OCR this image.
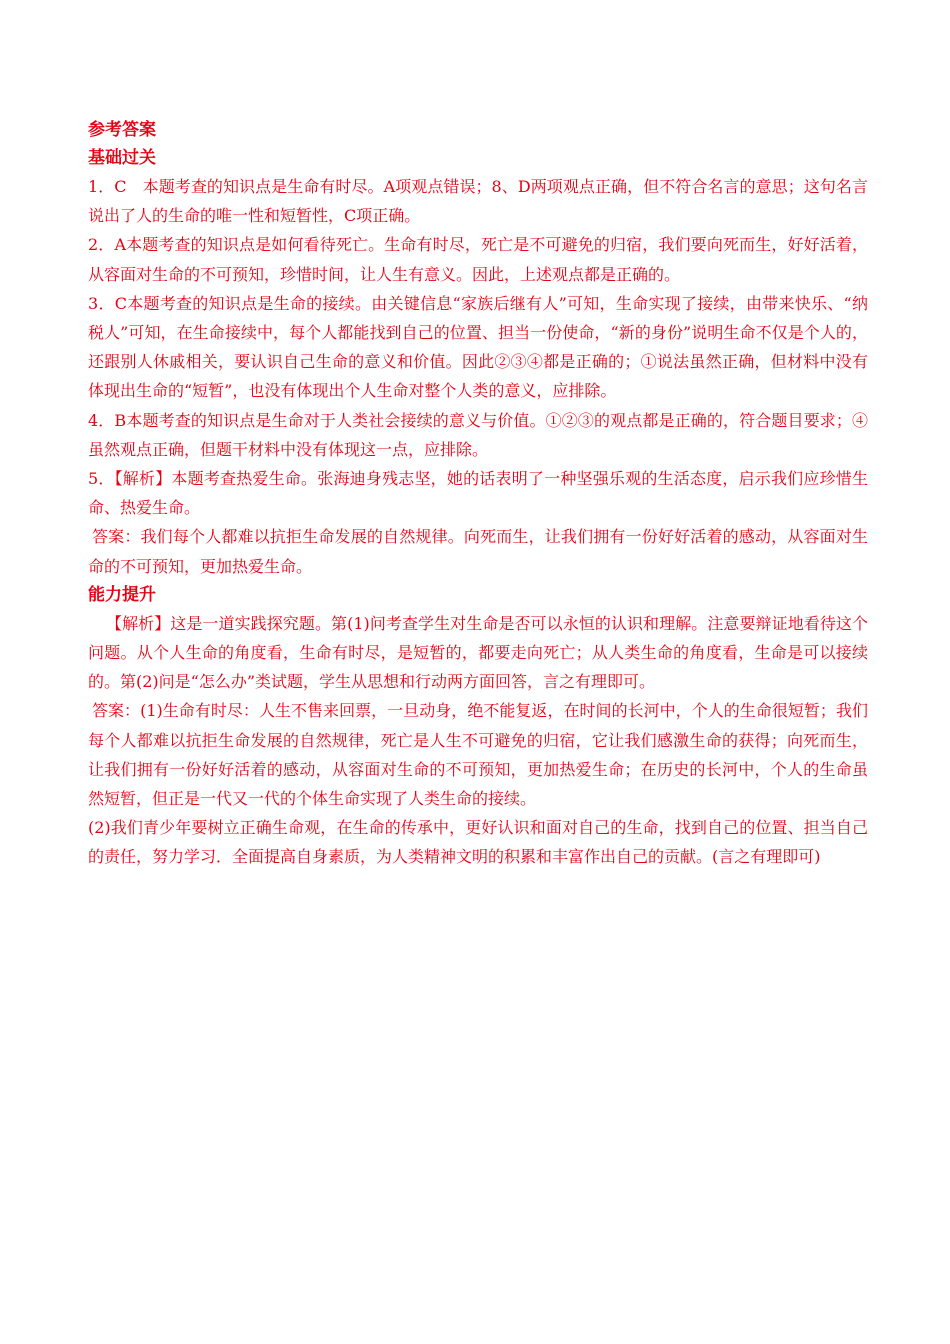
参考答案

基础过关

1．C　本题考查的知识点是生命有时尽。A项观点错误；8、D两项观点正确，但不符合名言的意思；这句名言说出了人的生命的唯一性和短暂性，C项正确。

2．A本题考查的知识点是如何看待死亡。生命有时尽，死亡是不可避免的归宿，我们要向死而生，好好活着，从容面对生命的不可预知，珍惜时间，让人生有意义。因此，上述观点都是正确的。

3．C本题考查的知识点是生命的接续。由关键信息“家族后继有人”可知，生命实现了接续，由带来快乐、“纳税人”可知，在生命接续中，每个人都能找到自己的位置、担当一份使命，“新的身份”说明生命不仅是个人的，还跟别人休戚相关，要认识自己生命的意义和价值。因此②③④都是正确的；①说法虽然正确，但材料中没有体现出生命的“短暂”，也没有体现出个人生命对整个人类的意义，应排除。

4．B本题考查的知识点是生命对于人类社会接续的意义与价值。①②③的观点都是正确的，符合题目要求；④虽然观点正确，但题干材料中没有体现这一点，应排除。

5．【解析】本题考查热爱生命。张海迪身残志坚，她的话表明了一种坚强乐观的生活态度，启示我们应珍惜生命、热爱生命。

答案：我们每个人都难以抗拒生命发展的自然规律。向死而生，让我们拥有一份好好活着的感动，从容面对生命的不可预知，更加热爱生命。

能力提升

【解析】这是一道实践探究题。第(1)问考查学生对生命是否可以永恒的认识和理解。注意要辩证地看待这个问题。从个人生命的角度看，生命有时尽，是短暂的，都要走向死亡；从人类生命的角度看，生命是可以接续的。第(2)问是“怎么办”类试题，学生从思想和行动两方面回答，言之有理即可。

答案：(1)生命有时尽：人生不售来回票，一旦动身，绝不能复返，在时间的长河中，个人的生命很短暂；我们每个人都难以抗拒生命发展的自然规律，死亡是人生不可避免的归宿，它让我们感激生命的获得；向死而生，让我们拥有一份好好活着的感动，从容面对生命的不可预知，更加热爱生命；在历史的长河中，个人的生命虽然短暂，但正是一代又一代的个体生命实现了人类生命的接续。

(2)我们青少年要树立正确生命观，在生命的传承中，更好认识和面对自己的生命，找到自己的位置、担当自己的责任，努力学习．全面提高自身素质，为人类精神文明的积累和丰富作出自己的贡献。(言之有理即可)
